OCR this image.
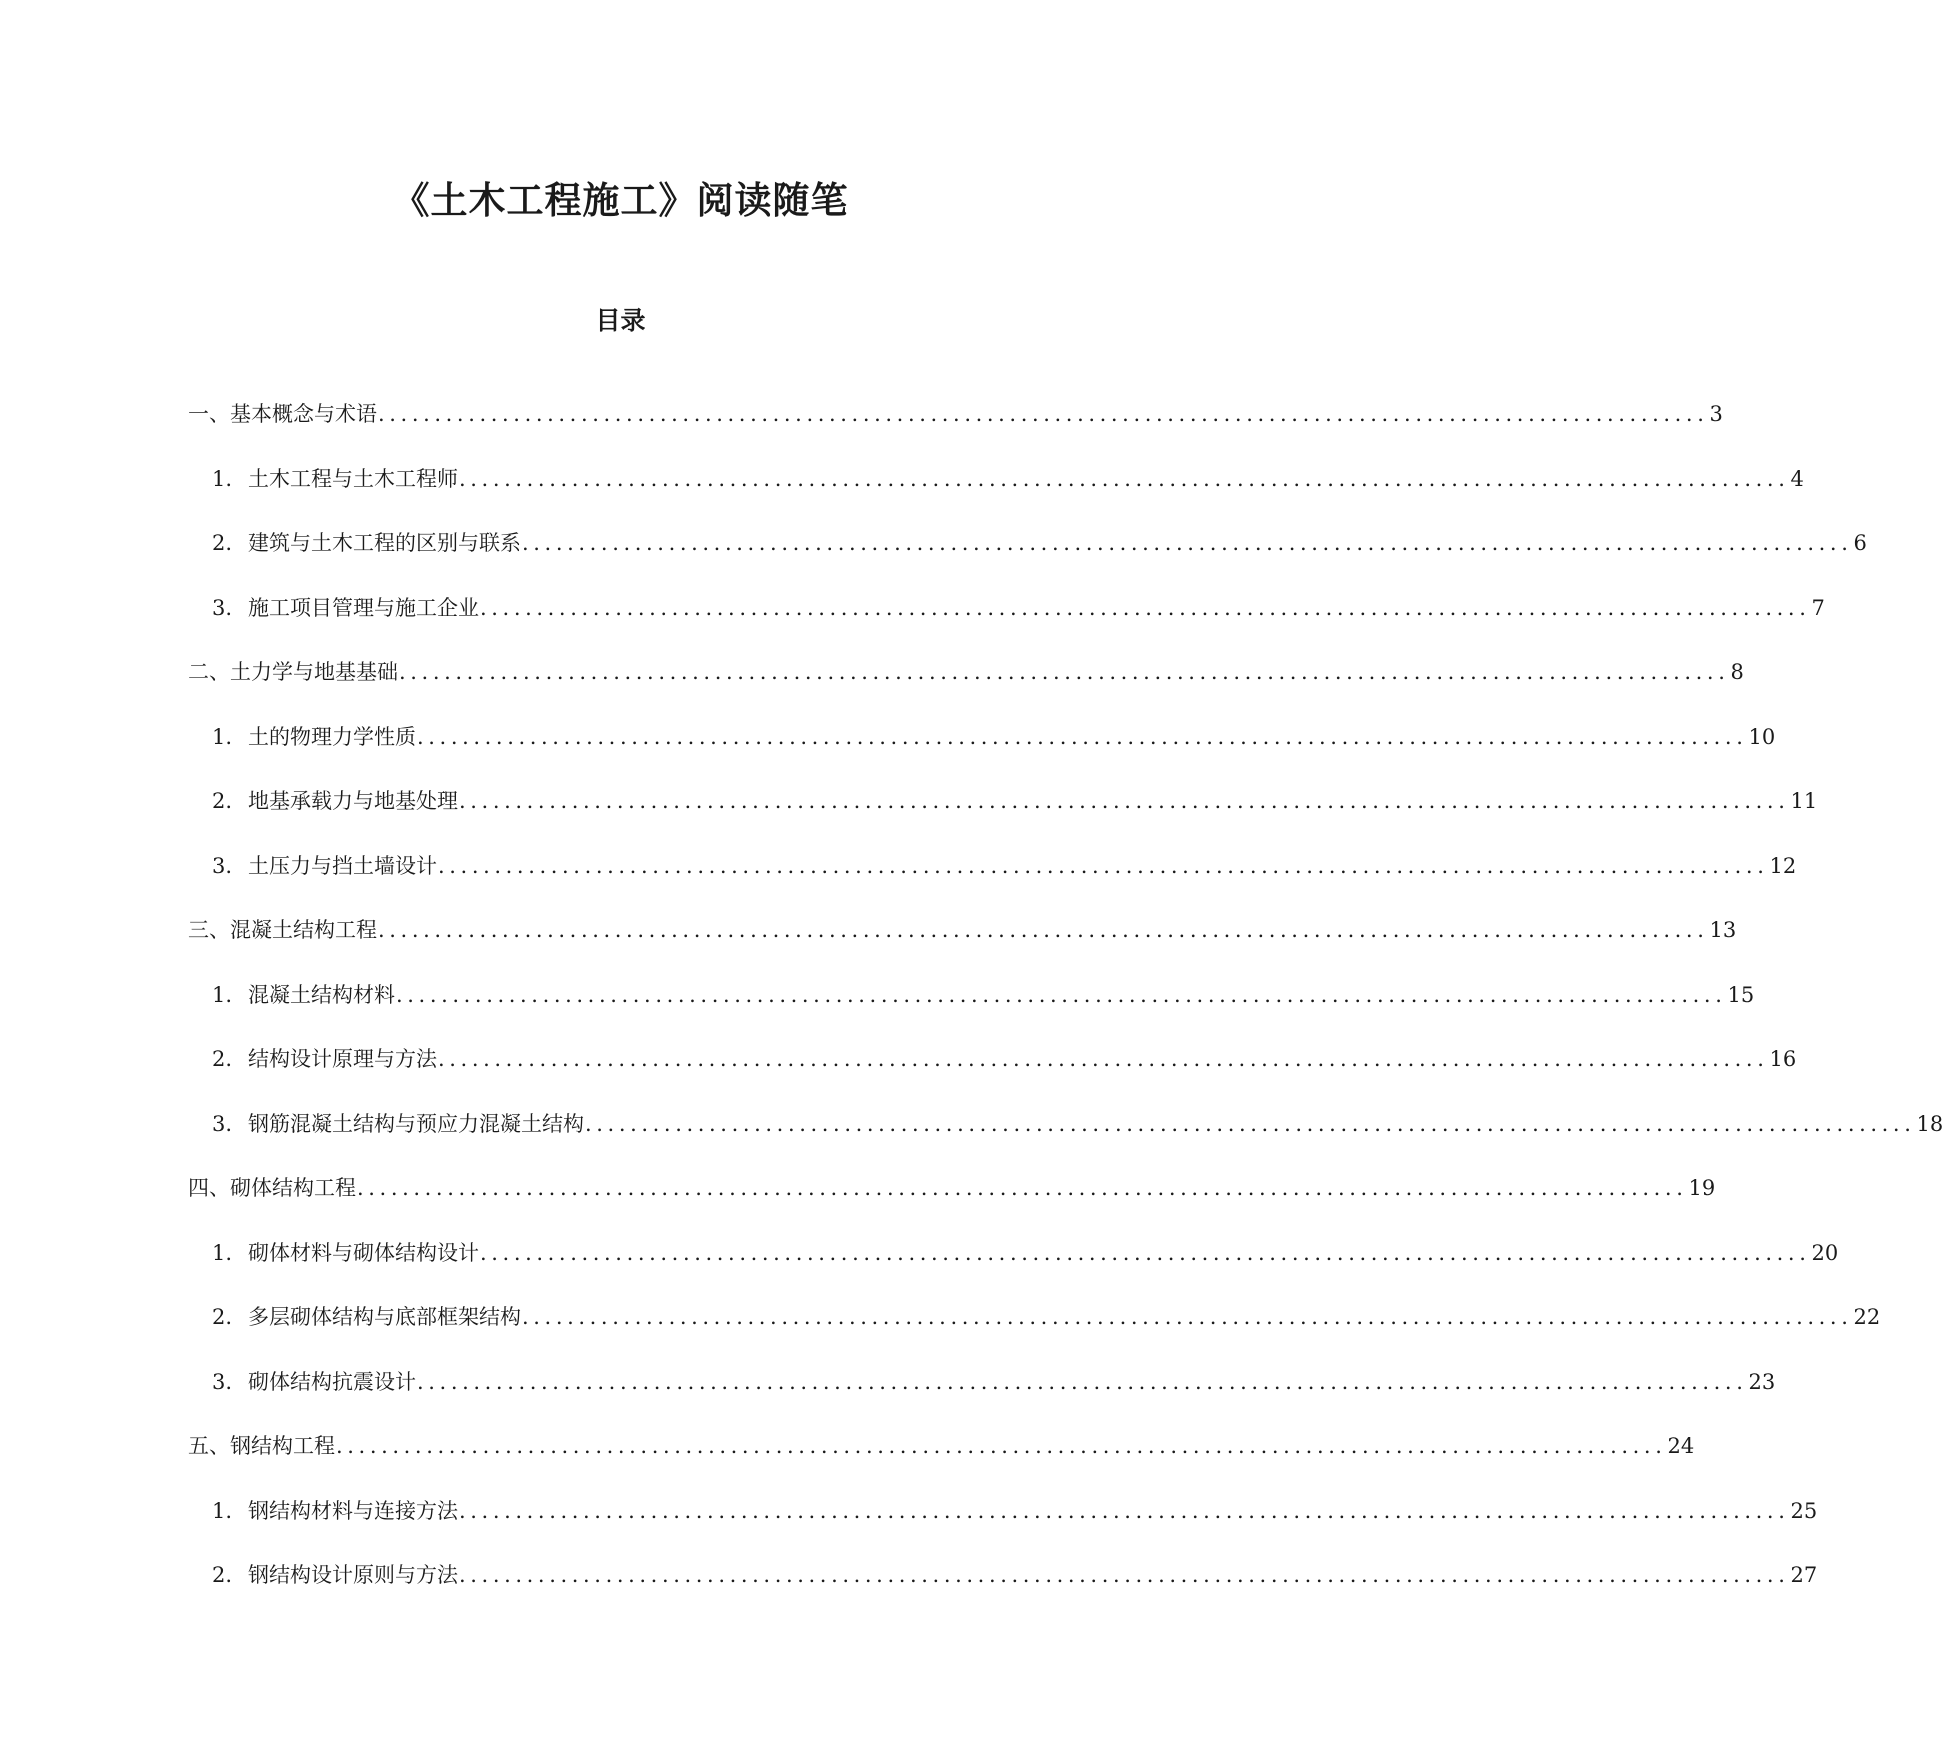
《土木工程施工》阅读随笔
目录
一、基本概念与术语 ...................................................................................................................... 3
1. 土木工程与土木工程师 ...................................................................................................................... 4
2. 建筑与土木工程的区别与联系 ...................................................................................................................... 6
3. 施工项目管理与施工企业 ...................................................................................................................... 7
二、土力学与地基基础 ...................................................................................................................... 8
1. 土的物理力学性质 ...................................................................................................................... 10
2. 地基承载力与地基处理 ...................................................................................................................... 11
3. 土压力与挡土墙设计 ...................................................................................................................... 12
三、混凝土结构工程 ...................................................................................................................... 13
1. 混凝土结构材料 ...................................................................................................................... 15
2. 结构设计原理与方法 ...................................................................................................................... 16
3. 钢筋混凝土结构与预应力混凝土结构 ...................................................................................................................... 18
四、砌体结构工程 ...................................................................................................................... 19
1. 砌体材料与砌体结构设计 ...................................................................................................................... 20
2. 多层砌体结构与底部框架结构 ...................................................................................................................... 22
3. 砌体结构抗震设计 ...................................................................................................................... 23
五、钢结构工程 ...................................................................................................................... 24
1. 钢结构材料与连接方法 ...................................................................................................................... 25
2. 钢结构设计原则与方法 ...................................................................................................................... 27
